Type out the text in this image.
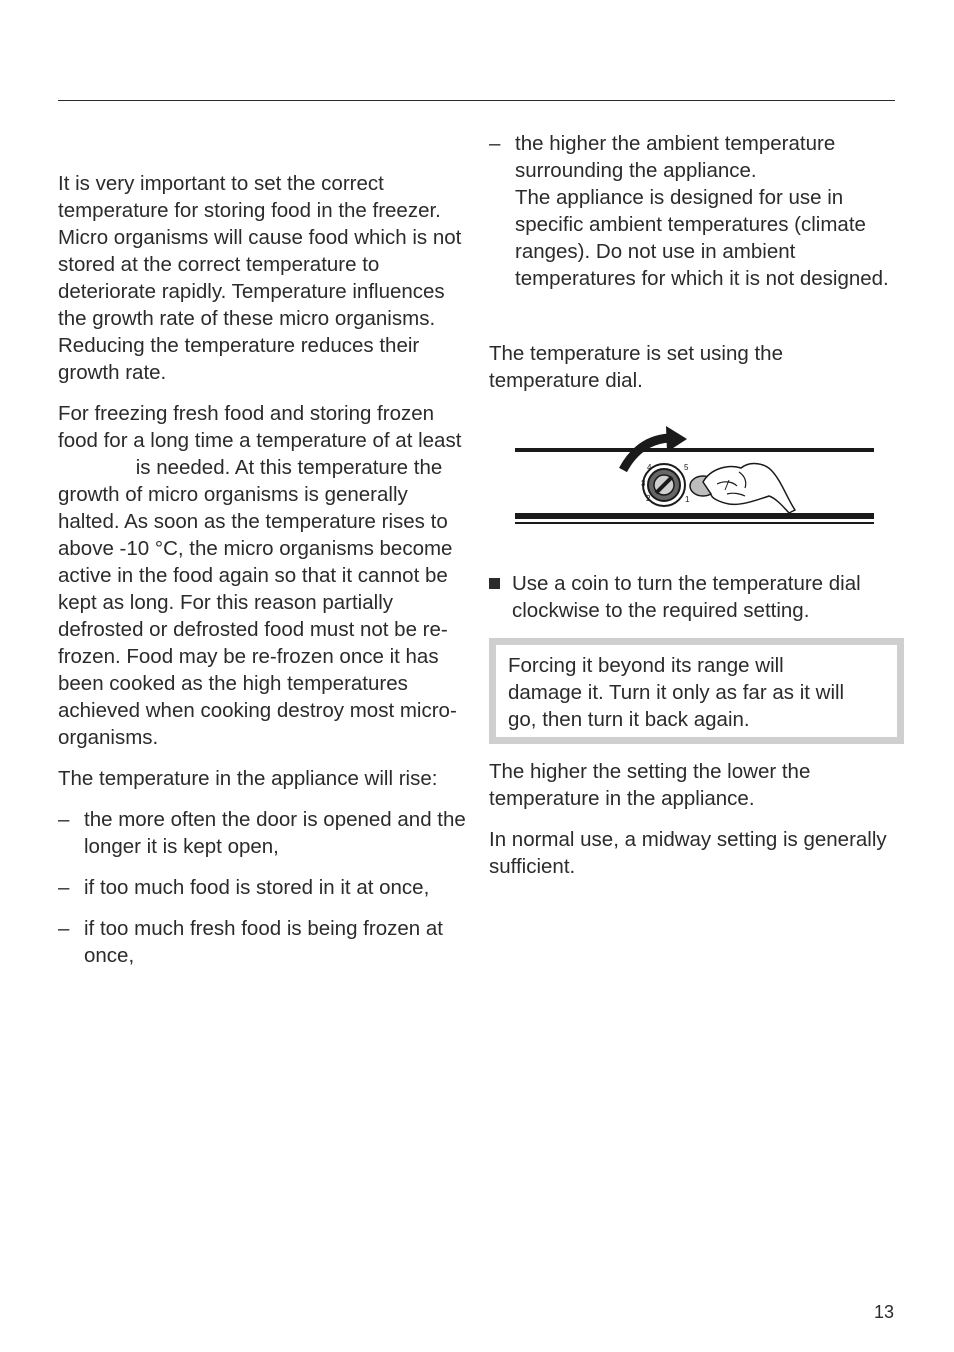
It is very important to set the correct temperature for storing food in the freezer. Micro organisms will cause food which is not stored at the correct temperature to deteriorate rapidly. Temperature influences the growth rate of these micro organisms. Reducing the temperature reduces their growth rate.

For freezing fresh food and storing frozen food for a long time a temperature of at least  is needed. At this temperature the growth of micro organisms is generally halted. As soon as the temperature rises to above -10 °C, the micro organisms become active in the food again so that it cannot be kept as long. For this reason partially defrosted or defrosted food must not be re-frozen. Food may be re-frozen once it has been cooked as the high temperatures achieved when cooking destroy most micro-organisms.

The temperature in the appliance will rise:

– the more often the door is opened and the longer it is kept open,
– if too much food is stored in it at once,
– if too much fresh food is being frozen at once,
– the higher the ambient temperature surrounding the appliance.
The appliance is designed for use in specific ambient temperatures (climate ranges). Do not use in ambient temperatures for which it is not designed.

The temperature is set using the temperature dial.

1
2
3
4	5
Use a coin to turn the temperature dial clockwise to the required setting.
Forcing it beyond its range will
damage it. Turn it only as far as it will
go, then turn it back again.

The higher the setting the lower the temperature in the appliance.

In normal use, a midway setting is generally sufficient.

13
